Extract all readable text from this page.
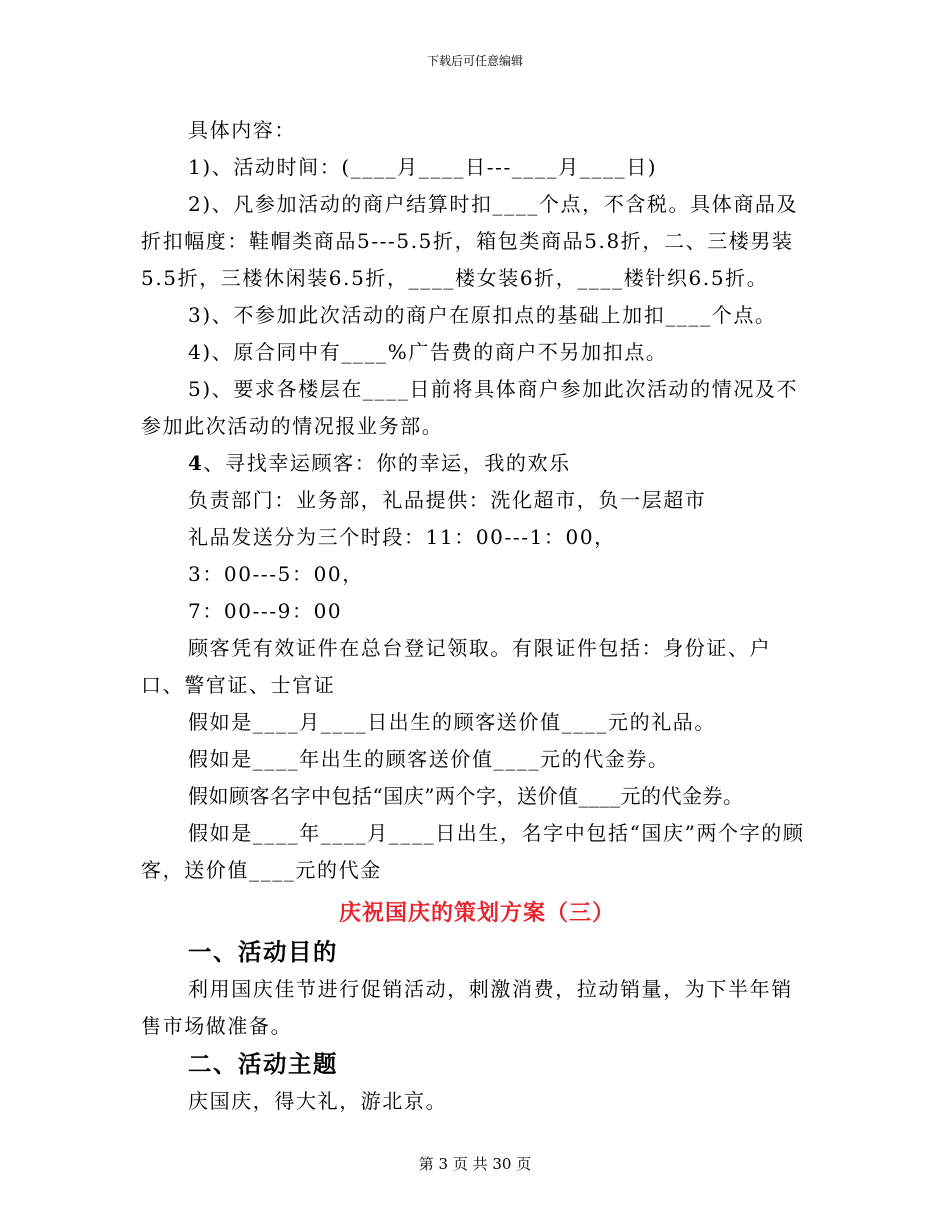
下载后可任意编辑

具体内容：

1)、活动时间：(____月____日---____月____日)

2)、凡参加活动的商户结算时扣____个点，不含税。具体商品及折扣幅度：鞋帽类商品5---5.5折，箱包类商品5.8折，二、三楼男装5.5折，三楼休闲装6.5折，____楼女装6折，____楼针织6.5折。

3)、不参加此次活动的商户在原扣点的基础上加扣____个点。

4)、原合同中有____%广告费的商户不另加扣点。

5)、要求各楼层在____日前将具体商户参加此次活动的情况及不参加此次活动的情况报业务部。

4、寻找幸运顾客：你的幸运，我的欢乐

负责部门：业务部，礼品提供：洗化超市，负一层超市

礼品发送分为三个时段：11：00---1：00，

3：00---5：00，

7：00---9：00

顾客凭有效证件在总台登记领取。有限证件包括：身份证、户口、警官证、士官证

假如是____月____日出生的顾客送价值____元的礼品。

假如是____年出生的顾客送价值____元的代金券。

假如顾客名字中包括“国庆”两个字，送价值____元的代金券。

假如是____年____月____日出生，名字中包括“国庆”两个字的顾客，送价值____元的代金

庆祝国庆的策划方案（三）
一、活动目的

利用国庆佳节进行促销活动，刺激消费，拉动销量，为下半年销售市场做准备。

二、活动主题

庆国庆，得大礼，游北京。

第 3 页 共 30 页
